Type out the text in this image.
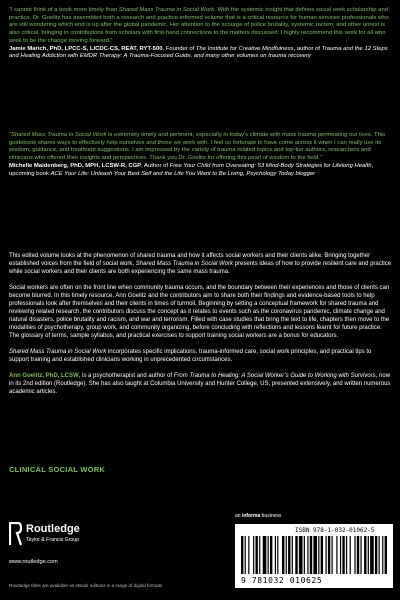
“I cannot think of a book more timely than Shared Mass Trauma in Social Work. With the systemic insight that defines social work scholarship and practice, Dr. Goelitz has assembled both a research and practice-informed volume that is a critical resource for human services professionals who are still wondering which end is up after the global pandemic. Her attention to the scourge of police brutality, systemic racism, and other unrest is also critical, bringing in contributions from scholars with first-hand connections to the matters discussed. I highly recommend this work for all who seek to be the change moving forward.”
Jamie Marich, PhD, LPCC-S, LICDC-CS, REAT, RYT-500, Founder of The Institute for Creative Mindfulness, author of Trauma and the 12 Steps and Healing Addiction with EMDR Therapy: A Trauma-Focused Guide, and many other volumes on trauma recovery
“Shared Mass Trauma in Social Work is extremely timely and pertinent, especially in today’s climate with mass trauma permeating our lives. This guidebook shares ways to effectively help ourselves and those we work with. I feel so fortunate to have come across it when I can really use its wisdom, guidance, and treatment suggestions. I am impressed by the variety of trauma related topics and top-tier authors, researchers and clinicians who offered their insights and perspectives. Thank you Dr. Goelitz for offering this pearl of wisdom to the field.”
Michelle Maidenberg, PhD, MPH, LCSW-R, CGP, Author of Free Your Child from Overeating: 53 Mind-Body Strategies for Lifelong Health, upcoming book ACE Your Life: Unleash Your Best Self and the Life You Want to Be Living, Psychology Today blogger

This edited volume looks at the phenomenon of shared trauma and how it affects social workers and their clients alike. Bringing together established voices from the field of social work, Shared Mass Trauma in Social Work presents ideas of how to provide resilient care and practice while social workers and their clients are both experiencing the same mass trauma.

Social workers are often on the front line when community trauma occurs, and the boundary between their experiences and those of clients can become blurred. In this timely resource, Ann Goelitz and the contributors aim to share both their findings and evidence-based tools to help professionals look after themselves and their clients in times of turmoil. Beginning by setting a conceptual framework for shared trauma and reviewing related research, the contributors discuss the concept as it relates to events such as the coronavirus pandemic, climate change and natural disasters, police brutality and racism, and war and terrorism. Filled with case studies that bring the text to life, chapters then move to the modalities of psychotherapy, group work, and community organizing, before concluding with reflections and lessons learnt for future practice. The glossary of terms, sample syllabus, and practical exercises to support training social workers are a bonus for educators.

Shared Mass Trauma in Social Work incorporates specific implications, trauma-informed care, social work principles, and practical tips to support training and established clinicians working in unprecedented circumstances.

Ann Goelitz, PhD, LCSW, is a psychotherapist and author of From Trauma to Healing: A Social Worker’s Guide to Working with Survivors, now in its 2nd edition (Routledge). She has also taught at Columbia University and Hunter College, US, presented extensively, and written numerous academic articles.

CLINICAL SOCIAL WORK
Routledge
Taylor & Francis Group
www.routledge.com
Routledge titles are available as eBook editions in a range of digital formats
an informa business
ISBN 978-1-032-01062-5
9 781032 010625
